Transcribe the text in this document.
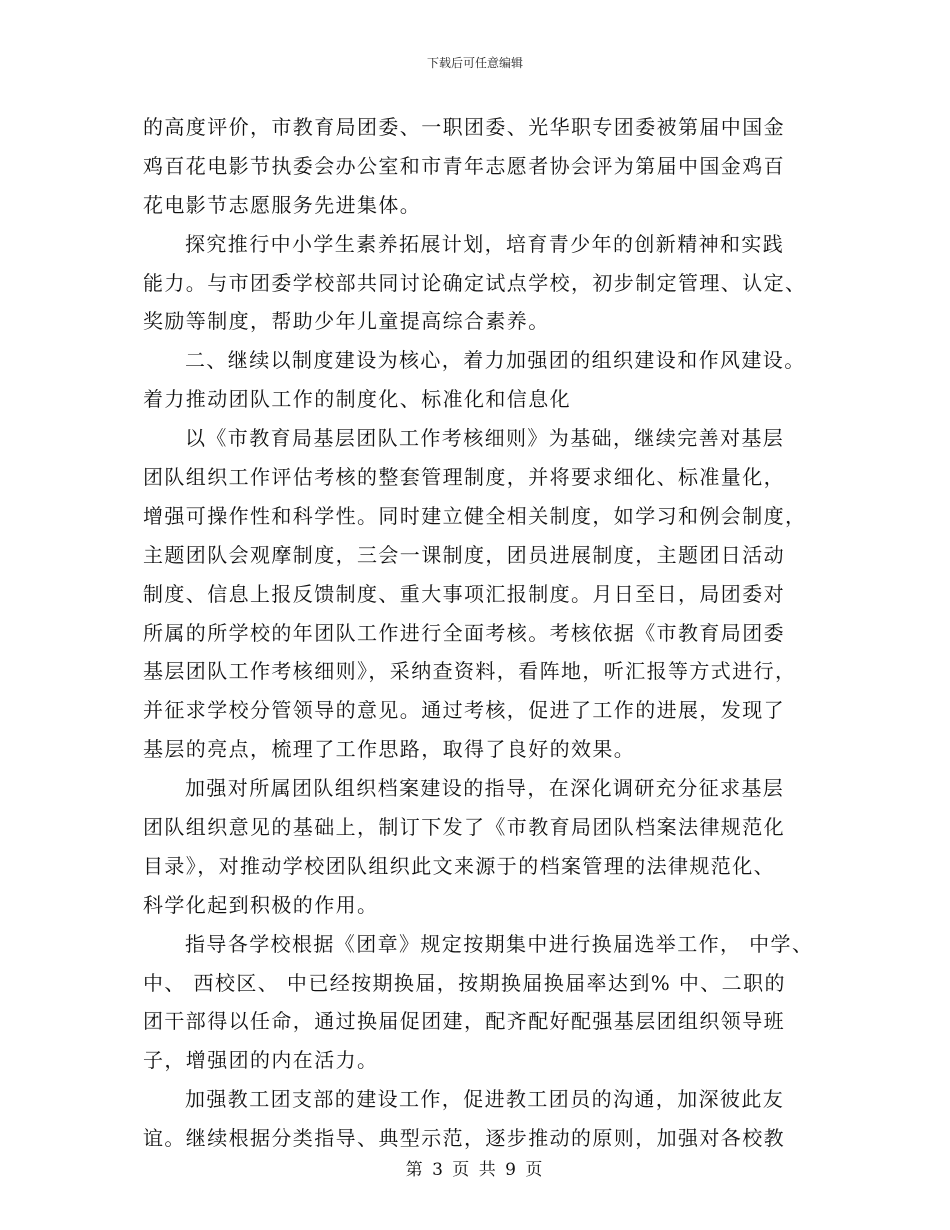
下载后可任意编辑
的高度评价，市教育局团委、一职团委、光华职专团委被第届中国金
鸡百花电影节执委会办公室和市青年志愿者协会评为第届中国金鸡百
花电影节志愿服务先进集体。
探究推行中小学生素养拓展计划，培育青少年的创新精神和实践
能力。与市团委学校部共同讨论确定试点学校，初步制定管理、认定、
奖励等制度，帮助少年儿童提高综合素养。
二、继续以制度建设为核心，着力加强团的组织建设和作风建设。
着力推动团队工作的制度化、标准化和信息化
以《市教育局基层团队工作考核细则》为基础，继续完善对基层
团队组织工作评估考核的整套管理制度，并将要求细化、标准量化，
增强可操作性和科学性。同时建立健全相关制度，如学习和例会制度，
主题团队会观摩制度，三会一课制度，团员进展制度，主题团日活动
制度、信息上报反馈制度、重大事项汇报制度。月日至日，局团委对
所属的所学校的年团队工作进行全面考核。考核依据《市教育局团委
基层团队工作考核细则》，采纳查资料，看阵地，听汇报等方式进行，
并征求学校分管领导的意见。通过考核，促进了工作的进展，发现了
基层的亮点，梳理了工作思路，取得了良好的效果。
加强对所属团队组织档案建设的指导，在深化调研充分征求基层
团队组织意见的基础上，制订下发了《市教育局团队档案法律规范化
目录》，对推动学校团队组织此文来源于的档案管理的法律规范化、
科学化起到积极的作用。
指导各学校根据《团章》规定按期集中进行换届选举工作， 中学、
中、 西校区、 中已经按期换届，按期换届换届率达到% 中、二职的
团干部得以任命，通过换届促团建，配齐配好配强基层团组织领导班
子，增强团的内在活力。
加强教工团支部的建设工作，促进教工团员的沟通，加深彼此友
谊。继续根据分类指导、典型示范，逐步推动的原则，加强对各校教
第 3 页 共 9 页
